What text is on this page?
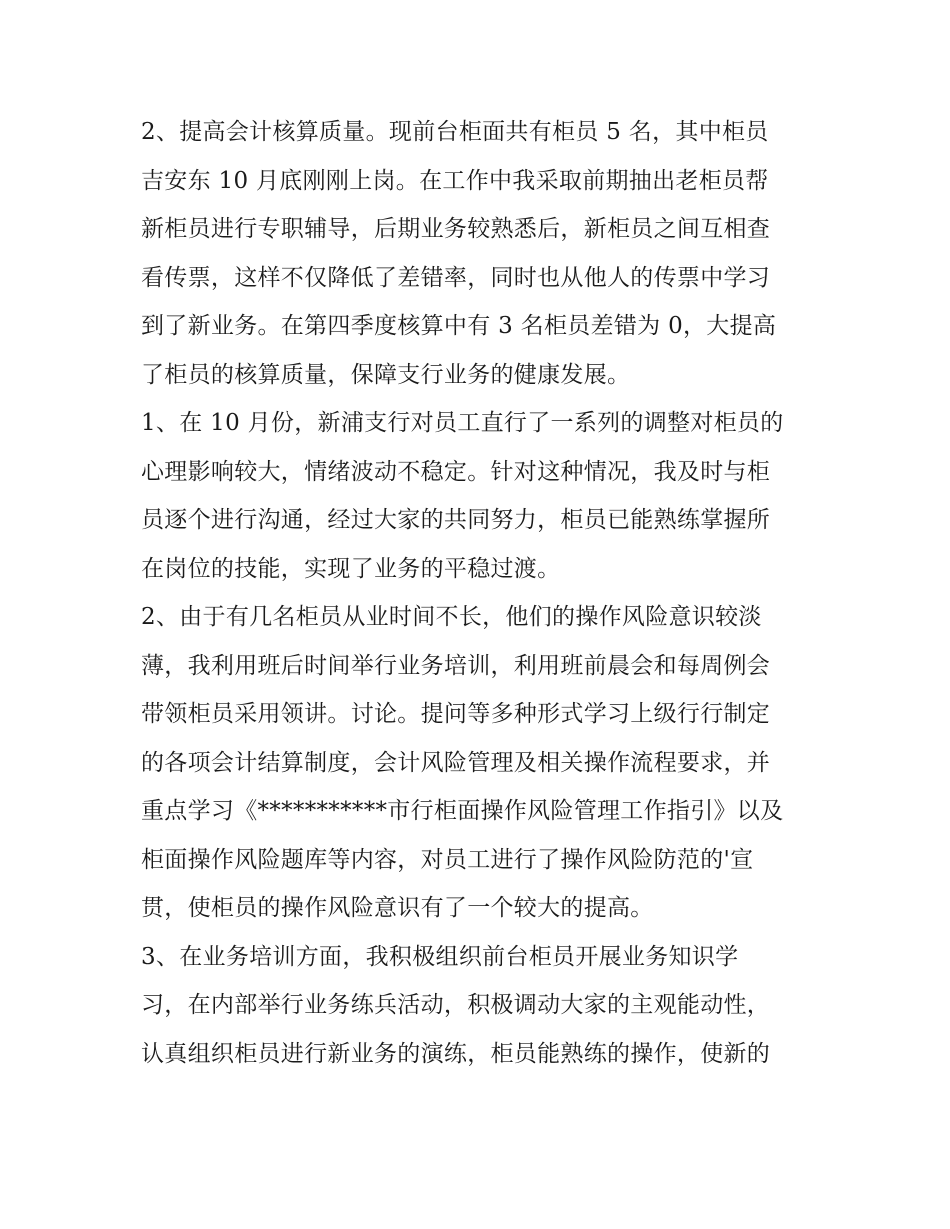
2、提高会计核算质量。现前台柜面共有柜员 5 名，其中柜员
吉安东 10 月底刚刚上岗。在工作中我采取前期抽出老柜员帮
新柜员进行专职辅导，后期业务较熟悉后，新柜员之间互相查
看传票，这样不仅降低了差错率，同时也从他人的传票中学习
到了新业务。在第四季度核算中有 3 名柜员差错为 0，大提高
了柜员的核算质量，保障支行业务的健康发展。
1、在 10 月份，新浦支行对员工直行了一系列的调整对柜员的
心理影响较大，情绪波动不稳定。针对这种情况，我及时与柜
员逐个进行沟通，经过大家的共同努力，柜员已能熟练掌握所
在岗位的技能，实现了业务的平稳过渡。
2、由于有几名柜员从业时间不长，他们的操作风险意识较淡
薄，我利用班后时间举行业务培训，利用班前晨会和每周例会
带领柜员采用领讲。讨论。提问等多种形式学习上级行行制定
的各项会计结算制度，会计风险管理及相关操作流程要求，并
重点学习《***********市行柜面操作风险管理工作指引》以及
柜面操作风险题库等内容，对员工进行了操作风险防范的'宣
贯，使柜员的操作风险意识有了一个较大的提高。
3、在业务培训方面，我积极组织前台柜员开展业务知识学
习，在内部举行业务练兵活动，积极调动大家的主观能动性，
认真组织柜员进行新业务的演练，柜员能熟练的操作，使新的
